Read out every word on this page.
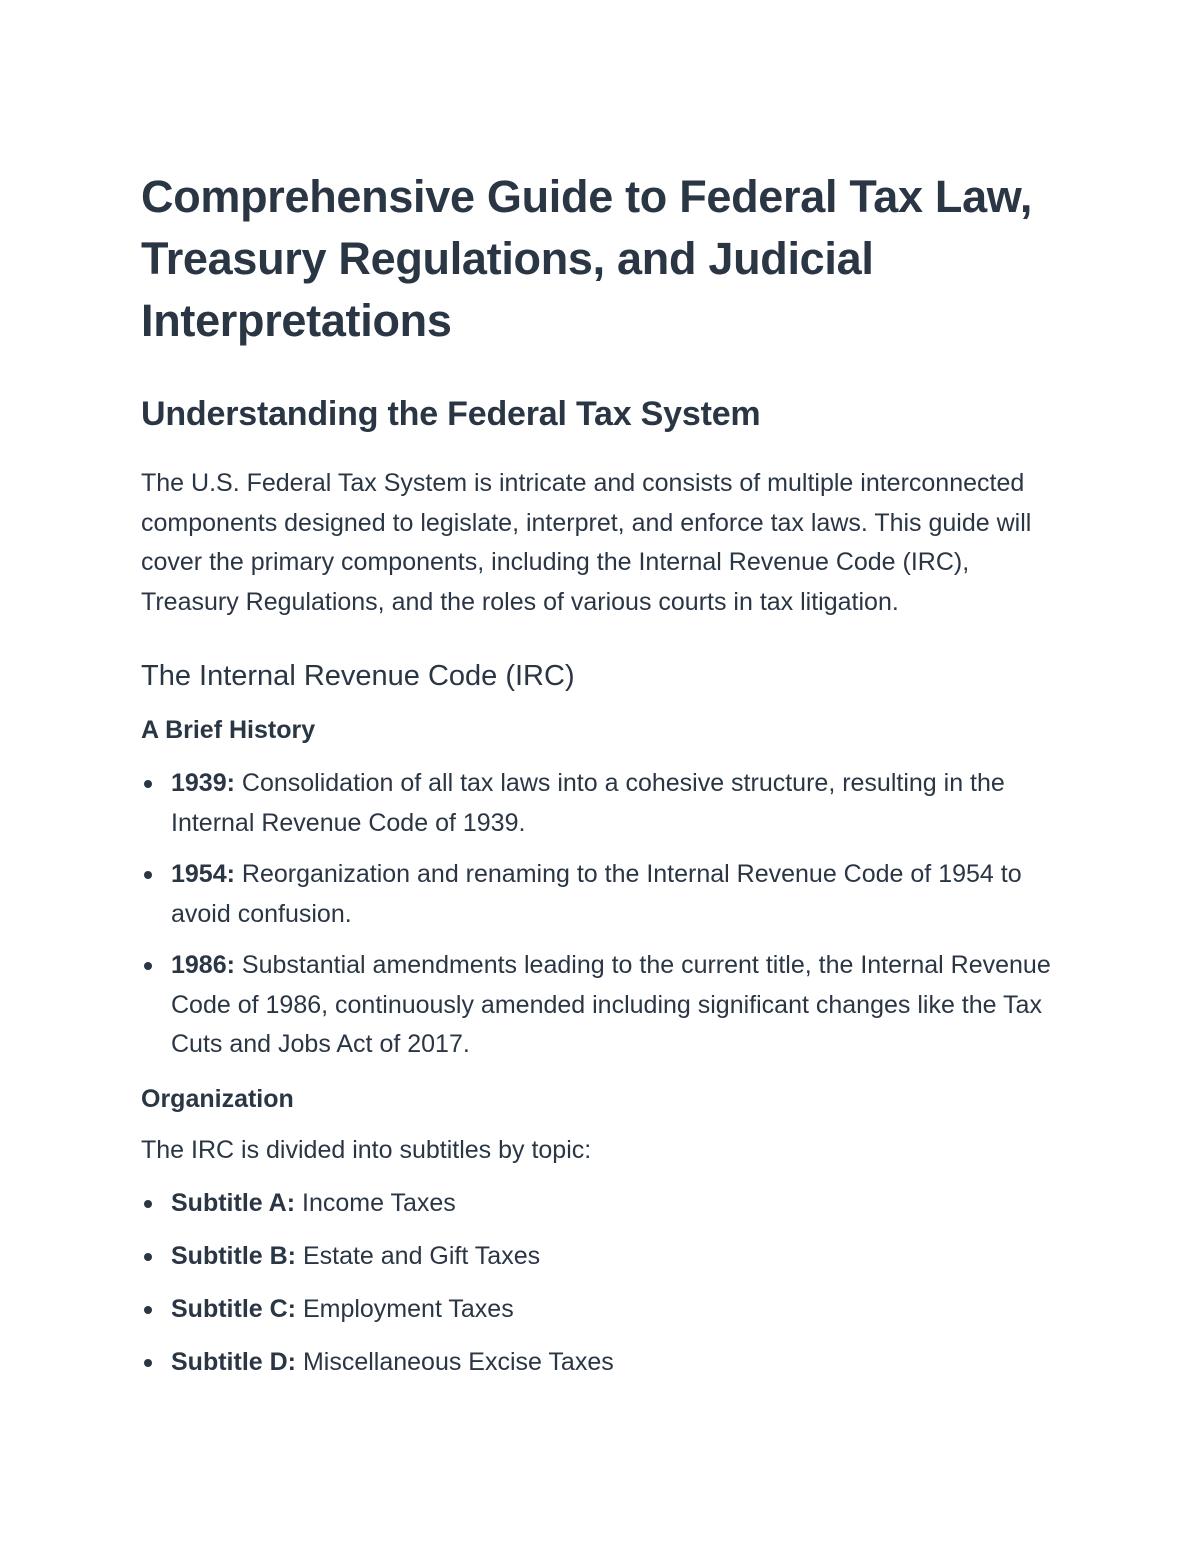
Comprehensive Guide to Federal Tax Law, Treasury Regulations, and Judicial Interpretations
Understanding the Federal Tax System

The U.S. Federal Tax System is intricate and consists of multiple interconnected components designed to legislate, interpret, and enforce tax laws. This guide will cover the primary components, including the Internal Revenue Code (IRC), Treasury Regulations, and the roles of various courts in tax litigation.

The Internal Revenue Code (IRC)
A Brief History
1939: Consolidation of all tax laws into a cohesive structure, resulting in the Internal Revenue Code of 1939.
1954: Reorganization and renaming to the Internal Revenue Code of 1954 to avoid confusion.
1986: Substantial amendments leading to the current title, the Internal Revenue Code of 1986, continuously amended including significant changes like the Tax Cuts and Jobs Act of 2017.
Organization

The IRC is divided into subtitles by topic:

Subtitle A: Income Taxes
Subtitle B: Estate and Gift Taxes
Subtitle C: Employment Taxes
Subtitle D: Miscellaneous Excise Taxes
